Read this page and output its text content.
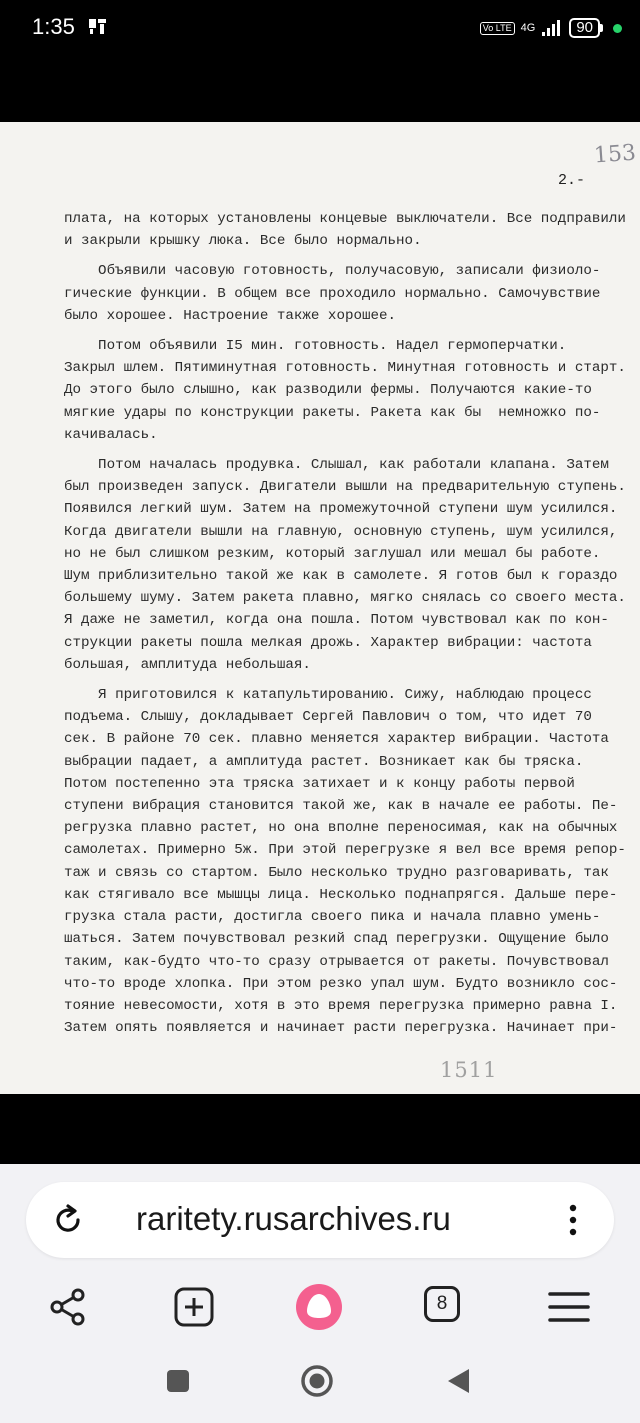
1:35	Vo LTE 4G	90
153
2.-
плата, на которых установлены концевые выключатели. Все подправили
и закрыли крышку люка. Все было нормально.
Объявили часовую готовность, получасовую, записали физиоло-
гические функции. В общем все проходило нормально. Самочувствие
было хорошее. Настроение также хорошее.
Потом объявили I5 мин. готовность. Надел гермоперчатки.
Закрыл шлем. Пятиминутная готовность. Минутная готовность и старт.
До этого было слышно, как разводили фермы. Получаются какие-то
мягкие удары по конструкции ракеты. Ракета как бы  немножко по-
качивалась.
Потом началась продувка. Слышал, как работали клапана. Затем
был произведен запуск. Двигатели вышли на предварительную ступень.
Появился легкий шум. Затем на промежуточной ступени шум усилился.
Когда двигатели вышли на главную, основную ступень, шум усилился,
но не был слишком резким, который заглушал или мешал бы работе.
Шум приблизительно такой же как в самолете. Я готов был к гораздо
большему шуму. Затем ракета плавно, мягко снялась со своего места.
Я даже не заметил, когда она пошла. Потом чувствовал как по кон-
струкции ракеты пошла мелкая дрожь. Характер вибрации: частота
большая, амплитуда небольшая.
Я приготовился к катапультированию. Сижу, наблюдаю процесс
подъема. Слышу, докладывает Сергей Павлович о том, что идет 70
сек. В районе 70 сек. плавно меняется характер вибрации. Частота
выбрации падает, а амплитуда растет. Возникает как бы тряска.
Потом постепенно эта тряска затихает и к концу работы первой
ступени вибрация становится такой же, как в начале ее работы. Пе-
регрузка плавно растет, но она вполне переносимая, как на обычных
самолетах. Примерно 5ж. При этой перегрузке я вел все время репор-
таж и связь со стартом. Было несколько трудно разговаривать, так
как стягивало все мышцы лица. Несколько поднапрягся. Дальше пере-
грузка стала расти, достигла своего пика и начала плавно умень-
шаться. Затем почувствовал резкий спад перегрузки. Ощущение было
таким, как-будто что-то сразу отрывается от ракеты. Почувствовал
что-то вроде хлопка. При этом резко упал шум. Будто возникло сос-
тояние невесомости, хотя в это время перегрузка примерно равна I.
Затем опять появляется и начинает расти перегрузка. Начинает при-
1511
raritety.rusarchives.ru
8
